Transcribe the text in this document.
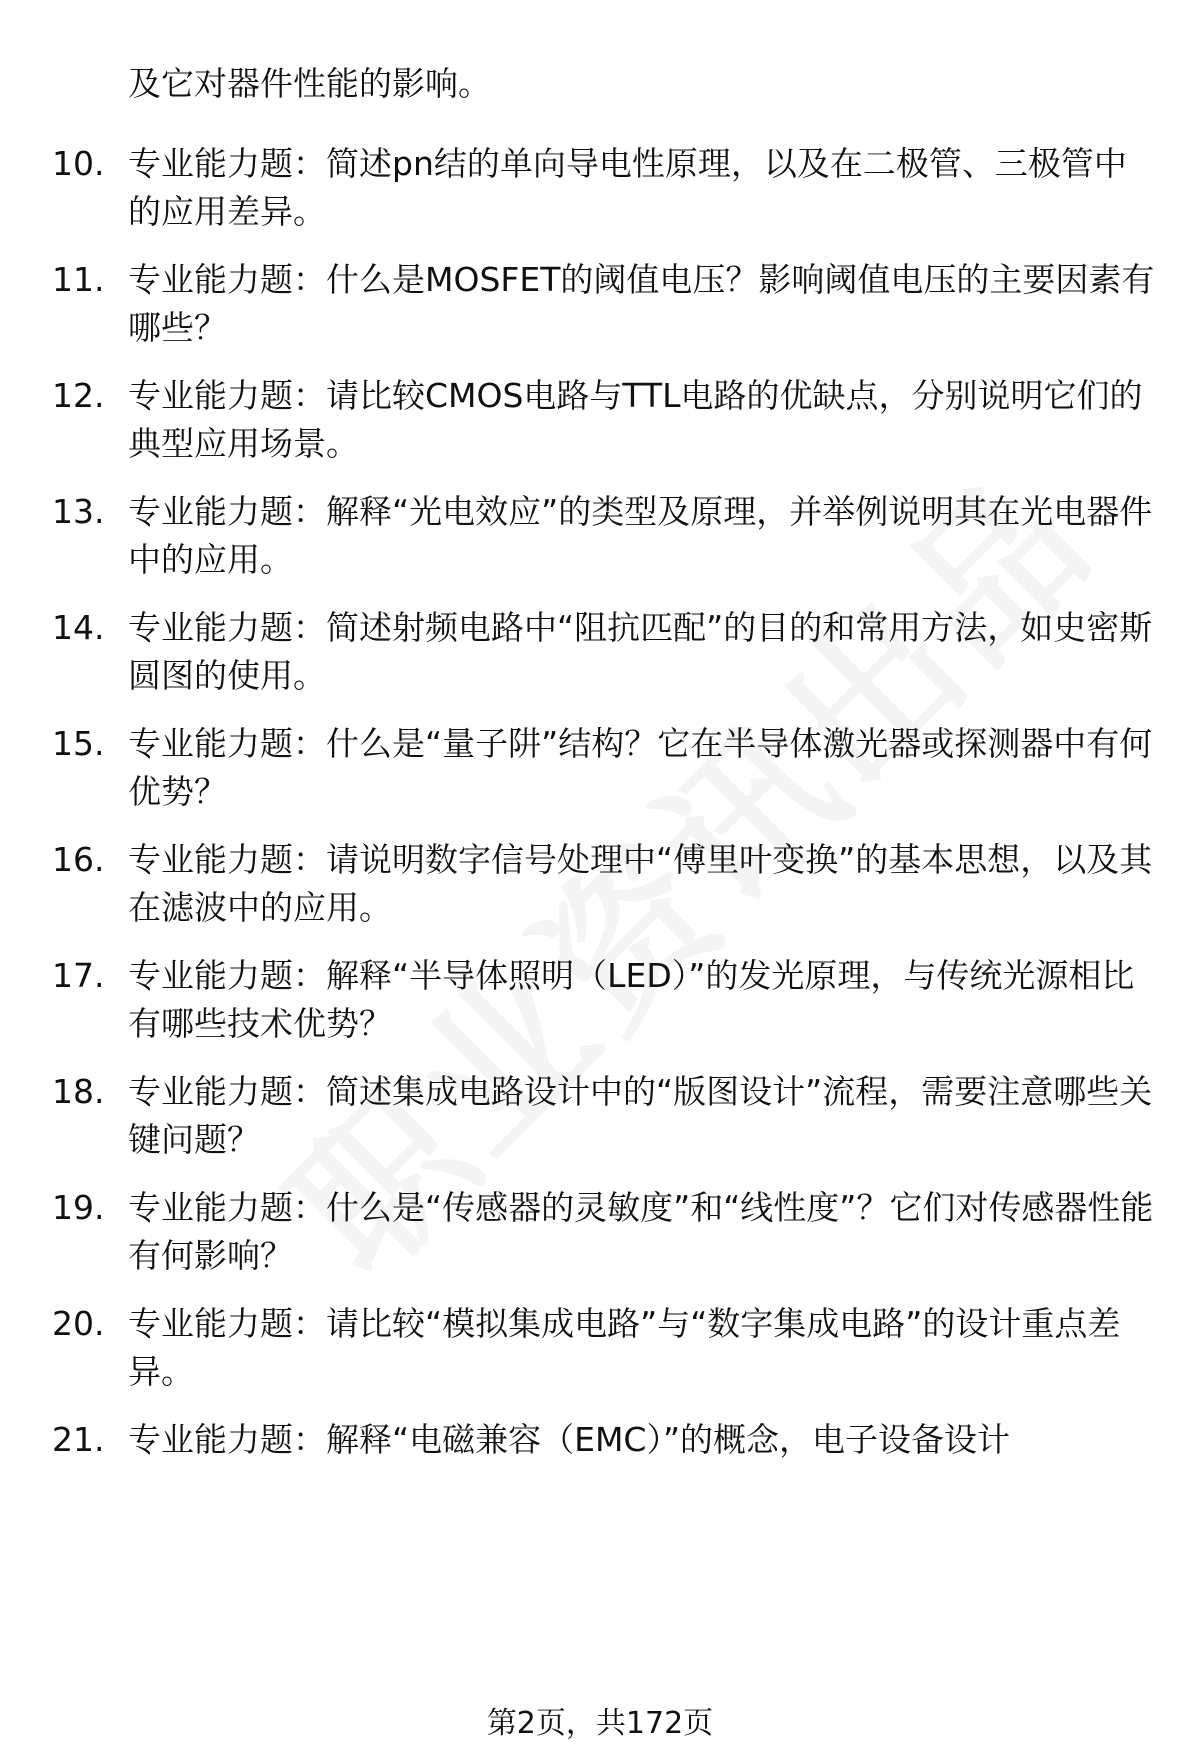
及它对器件性能的影响。
10. 专业能力题：简述pn结的单向导电性原理，以及在二极管、三极管中的应用差异。
11. 专业能力题：什么是MOSFET的阈值电压？影响阈值电压的主要因素有哪些？
12. 专业能力题：请比较CMOS电路与TTL电路的优缺点，分别说明它们的典型应用场景。
13. 专业能力题：解释“光电效应”的类型及原理，并举例说明其在光电器件中的应用。
14. 专业能力题：简述射频电路中“阻抗匹配”的目的和常用方法，如史密斯圆图的使用。
15. 专业能力题：什么是“量子阱”结构？它在半导体激光器或探测器中有何优势？
16. 专业能力题：请说明数字信号处理中“傅里叶变换”的基本思想，以及其在滤波中的应用。
17. 专业能力题：解释“半导体照明（LED）”的发光原理，与传统光源相比有哪些技术优势？
18. 专业能力题：简述集成电路设计中的“版图设计”流程，需要注意哪些关键问题？
19. 专业能力题：什么是“传感器的灵敏度”和“线性度”？它们对传感器性能有何影响？
20. 专业能力题：请比较“模拟集成电路”与“数字集成电路”的设计重点差异。
21. 专业能力题：解释“电磁兼容（EMC）”的概念，电子设备设计
第2页，共172页
